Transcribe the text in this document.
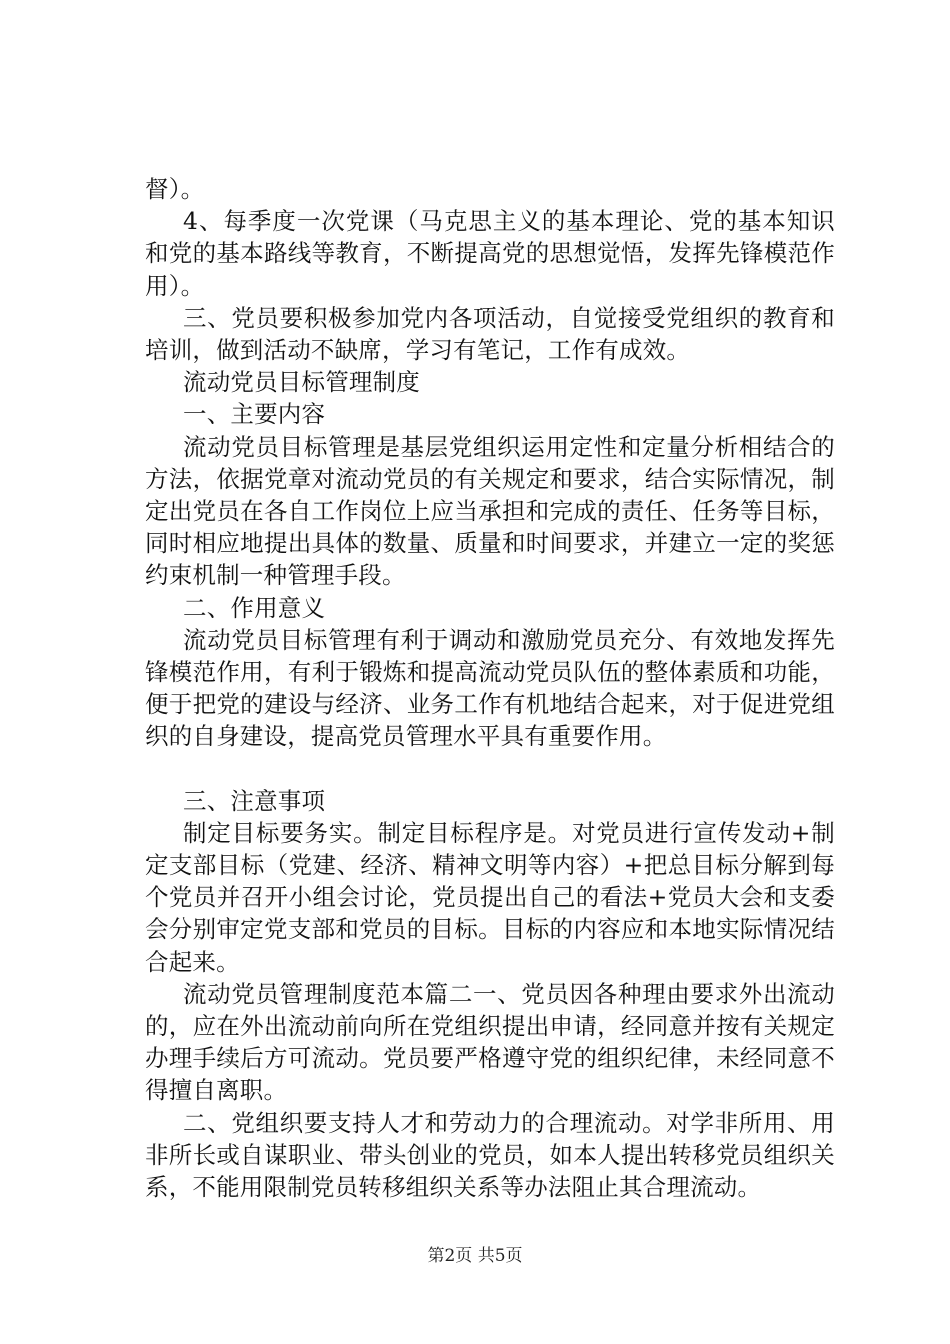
督）。

4、每季度一次党课（马克思主义的基本理论、党的基本知识和党的基本路线等教育，不断提高党的思想觉悟，发挥先锋模范作用）。

三、党员要积极参加党内各项活动，自觉接受党组织的教育和培训，做到活动不缺席，学习有笔记，工作有成效。

流动党员目标管理制度

一、主要内容

流动党员目标管理是基层党组织运用定性和定量分析相结合的方法，依据党章对流动党员的有关规定和要求，结合实际情况，制定出党员在各自工作岗位上应当承担和完成的责任、任务等目标，同时相应地提出具体的数量、质量和时间要求，并建立一定的奖惩约束机制一种管理手段。

二、作用意义

流动党员目标管理有利于调动和激励党员充分、有效地发挥先锋模范作用，有利于锻炼和提高流动党员队伍的整体素质和功能，便于把党的建设与经济、业务工作有机地结合起来，对于促进党组织的自身建设，提高党员管理水平具有重要作用。

三、注意事项

制定目标要务实。制定目标程序是。对党员进行宣传发动+制定支部目标（党建、经济、精神文明等内容）+把总目标分解到每个党员并召开小组会讨论，党员提出自己的看法+党员大会和支委会分别审定党支部和党员的目标。目标的内容应和本地实际情况结合起来。

流动党员管理制度范本篇二一、党员因各种理由要求外出流动的，应在外出流动前向所在党组织提出申请，经同意并按有关规定办理手续后方可流动。党员要严格遵守党的组织纪律，未经同意不得擅自离职。

二、党组织要支持人才和劳动力的合理流动。对学非所用、用非所长或自谋职业、带头创业的党员，如本人提出转移党员组织关系，不能用限制党员转移组织关系等办法阻止其合理流动。

第2页 共5页
